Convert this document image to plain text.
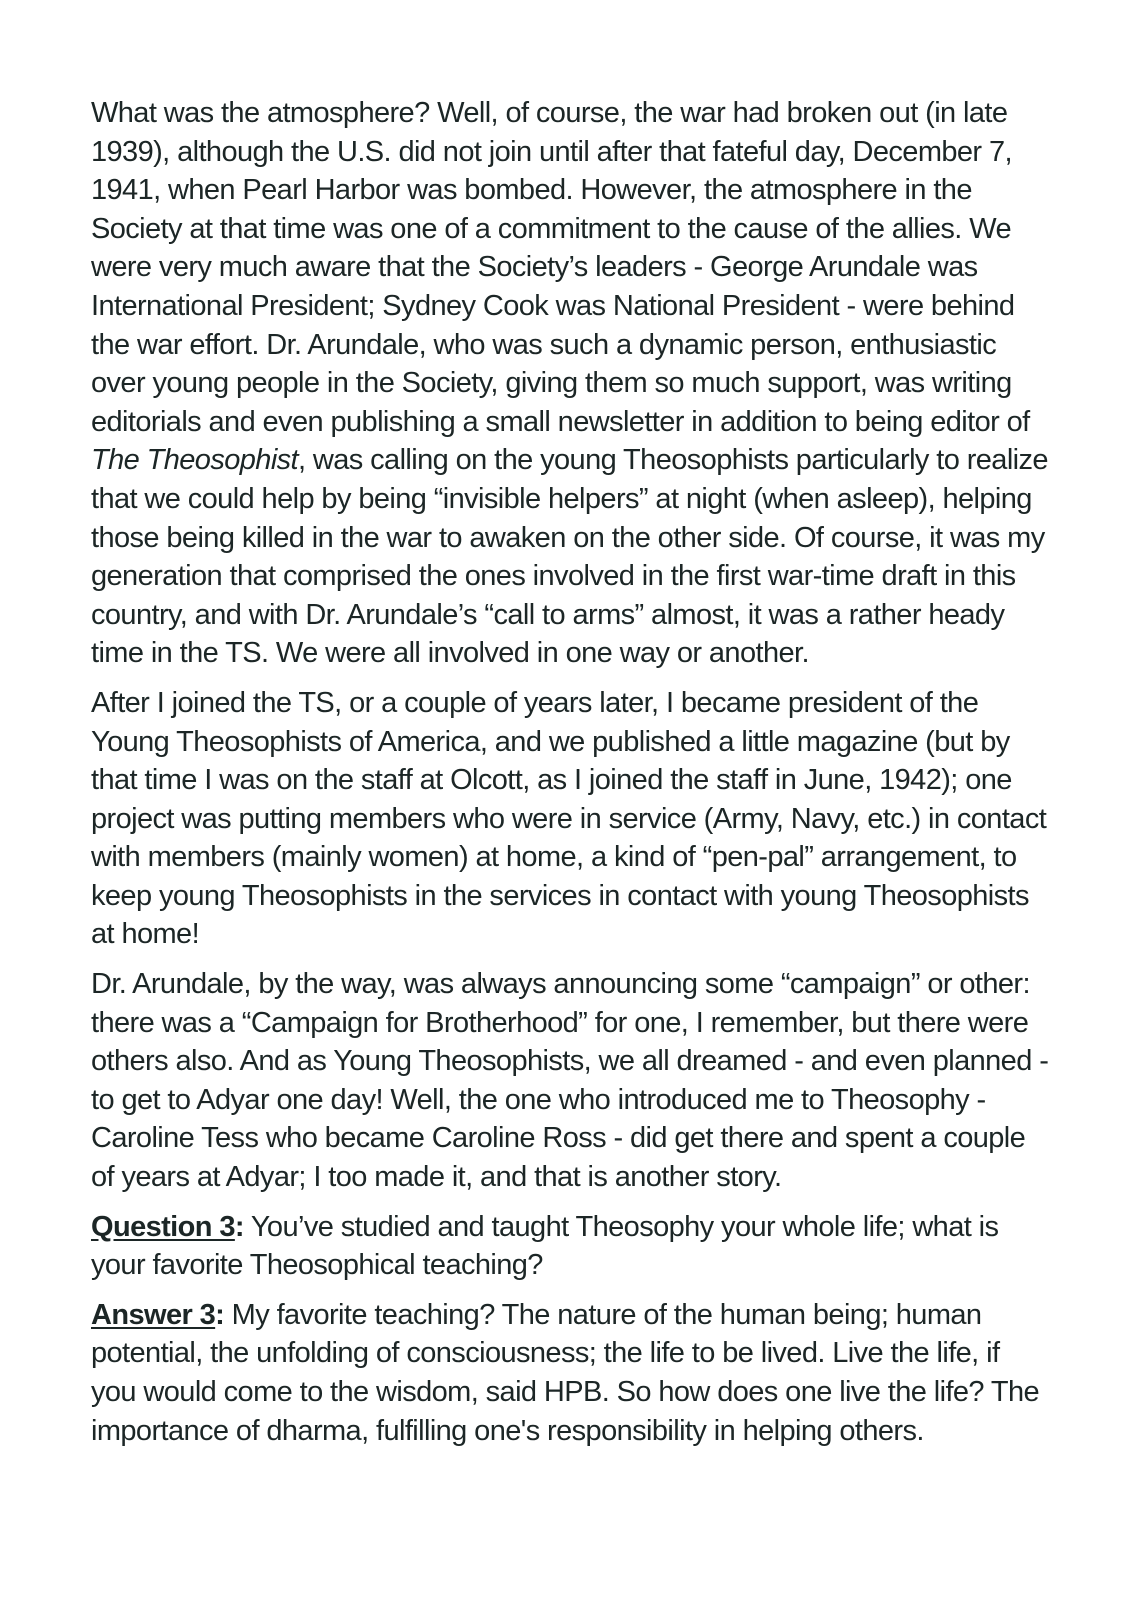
What was the atmosphere? Well, of course, the war had broken out (in late 1939), although the U.S. did not join until after that fateful day, December 7, 1941, when Pearl Harbor was bombed. However, the atmosphere in the Society at that time was one of a commitment to the cause of the allies. We were very much aware that the Society’s leaders - George Arundale was International President; Sydney Cook was National President - were behind the war effort. Dr. Arundale, who was such a dynamic person, enthusiastic over young people in the Society, giving them so much support, was writing editorials and even publishing a small newsletter in addition to being editor of The Theosophist, was calling on the young Theosophists particularly to realize that we could help by being “invisible helpers” at night (when asleep), helping those being killed in the war to awaken on the other side. Of course, it was my generation that comprised the ones involved in the first war-time draft in this country, and with Dr. Arundale’s “call to arms” almost, it was a rather heady time in the TS. We were all involved in one way or another.

After I joined the TS, or a couple of years later, I became president of the Young Theosophists of America, and we published a little magazine (but by that time I was on the staff at Olcott, as I joined the staff in June, 1942); one project was putting members who were in service (Army, Navy, etc.) in contact with members (mainly women) at home, a kind of “pen-pal” arrangement, to keep young Theosophists in the services in contact with young Theosophists at home!

Dr. Arundale, by the way, was always announcing some “campaign” or other: there was a “Campaign for Brotherhood” for one, I remember, but there were others also. And as Young Theosophists, we all dreamed - and even planned - to get to Adyar one day! Well, the one who introduced me to Theosophy - Caroline Tess who became Caroline Ross - did get there and spent a couple of years at Adyar; I too made it, and that is another story.

Question 3: You’ve studied and taught Theosophy your whole life; what is your favorite Theosophical teaching?

Answer 3: My favorite teaching? The nature of the human being; human potential, the unfolding of consciousness; the life to be lived. Live the life, if you would come to the wisdom, said HPB. So how does one live the life? The importance of dharma, fulfilling one's responsibility in helping others.
